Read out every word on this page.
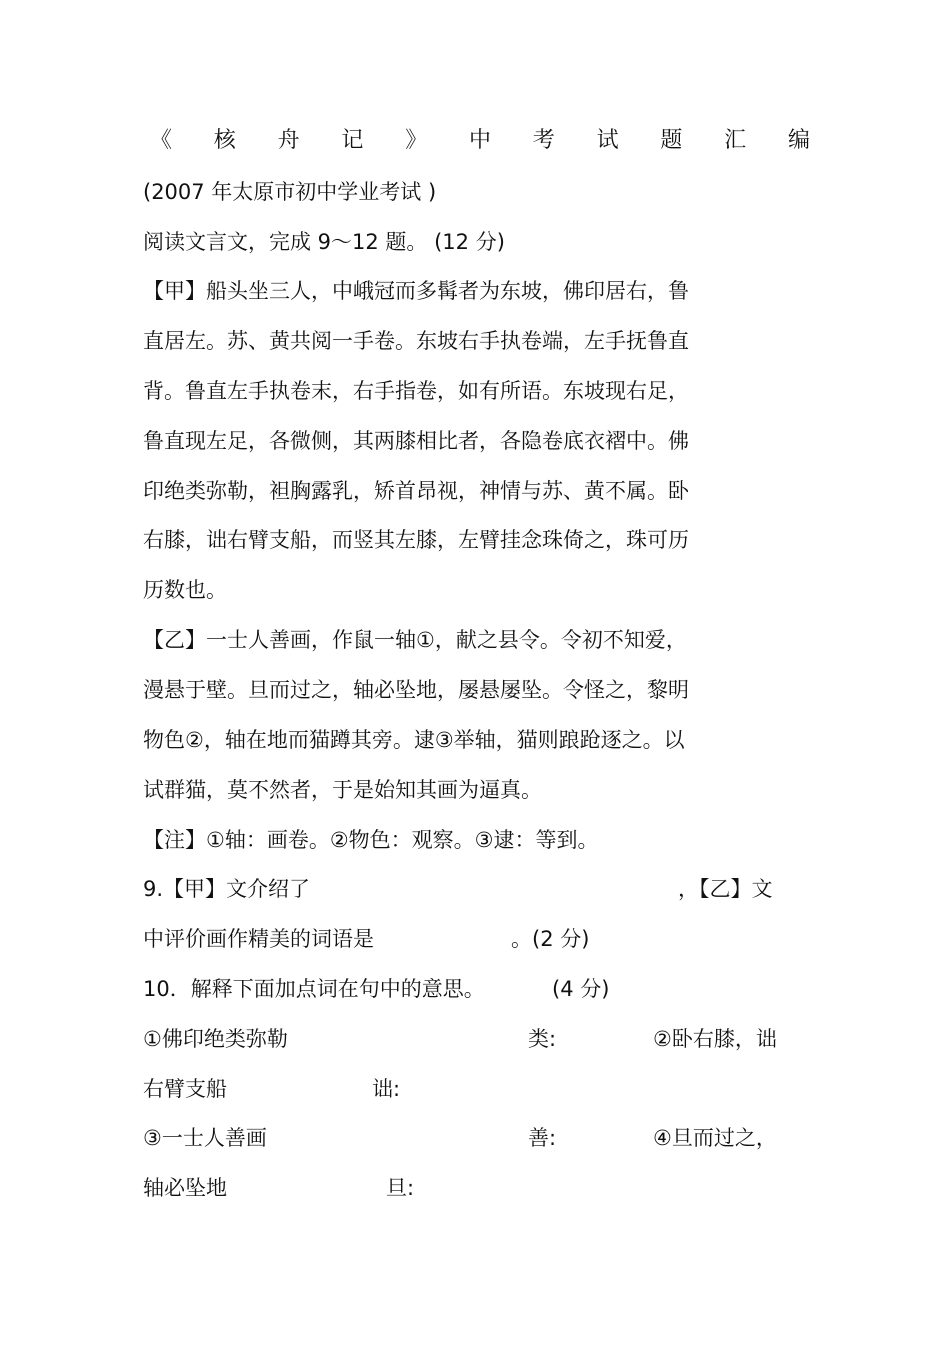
《 核 舟 记 》 中 考 试 题 汇 编
(2007 年太原市初中学业考试 )
阅读文言文，完成 9～12 题。 (12 分)
【甲】船头坐三人，中峨冠而多髯者为东坡，佛印居右，鲁
直居左。苏、黄共阅一手卷。东坡右手执卷端，左手抚鲁直
背。鲁直左手执卷末，右手指卷，如有所语。东坡现右足，
鲁直现左足，各微侧，其两膝相比者，各隐卷底衣褶中。佛
印绝类弥勒，袒胸露乳，矫首昂视，神情与苏、黄不属。卧
右膝，诎右臂支船，而竖其左膝，左臂挂念珠倚之，珠可历
历数也。
【乙】一士人善画，作鼠一轴①，献之县令。令初不知爱，
漫悬于壁。旦而过之，轴必坠地，屡悬屡坠。令怪之，黎明
物色②，轴在地而猫蹲其旁。逮③举轴，猫则踉跄逐之。以
试群猫，莫不然者，于是始知其画为逼真。
【注】①轴：画卷。②物色：观察。③逮：等到。
9.【甲】文介绍了	，【乙】文
中评价画作精美的词语是	。(2 分)
10．解释下面加点词在句中的意思。	(4 分)
①佛印绝类弥勒	类:	②卧右膝，诎
右臂支船	诎:
③一士人善画	善:	④旦而过之，
轴必坠地	旦:
